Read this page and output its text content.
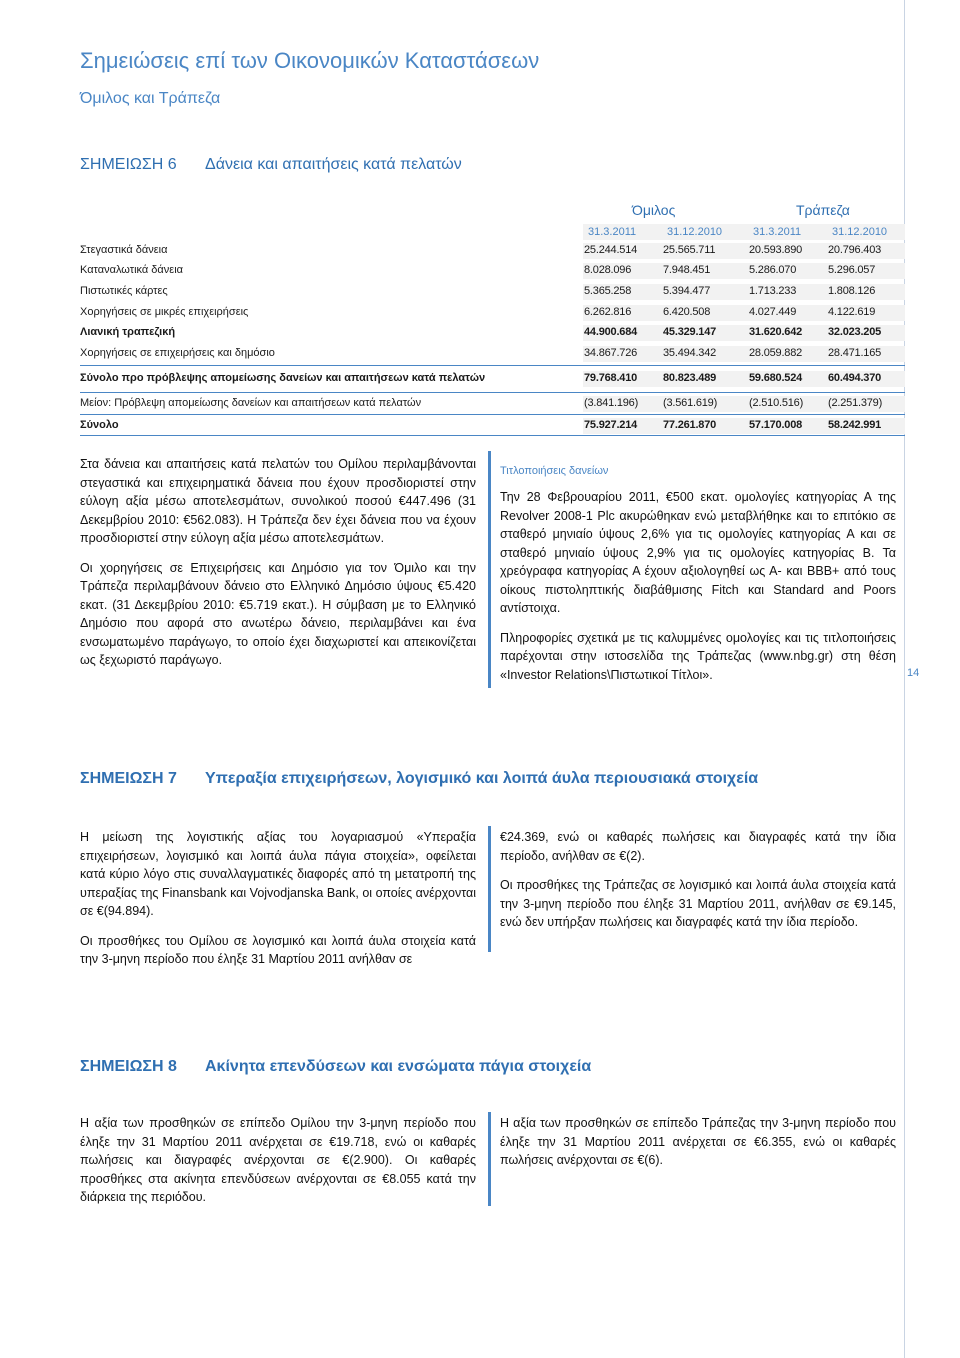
14
Σημειώσεις επί των Οικονομικών Καταστάσεων
Όμιλος και Τράπεζα
ΣΗΜΕΙΩΣΗ 6 Δάνεια και απαιτήσεις κατά πελατών
Όμιλος	Τράπεζα
31.3.2011	31.12.2010	31.3.2011	31.12.2010
Στεγαστικά δάνεια	25.244.514 25.565.711	20.593.890 20.796.403
Καταναλωτικά δάνεια	8.028.096	7.948.451	5.286.070	5.296.057
Πιστωτικές κάρτες	5.365.258	5.394.477	1.713.233	1.808.126
Χορηγήσεις σε μικρές επιχειρήσεις	6.262.816	6.420.508	4.027.449	4.122.619
Λιανική τραπεζική	44.900.684 45.329.147	31.620.642 32.023.205
Χορηγήσεις σε επιχειρήσεις και δημόσιο	34.867.726 35.494.342	28.059.882 28.471.165
Σύνολο προ πρόβλεψης απομείωσης δανείων και απαιτήσεων κατά πελατών	79.768.410 80.823.489	59.680.524 60.494.370
Μείον: Πρόβλεψη απομείωσης δανείων και απαιτήσεων κατά πελατών	(3.841.196) (3.561.619)	(2.510.516) (2.251.379)
Σύνολο	75.927.214 77.261.870	57.170.008 58.242.991

Στα δάνεια και απαιτήσεις κατά πελατών του Ομίλου περιλαμβάνονται στεγαστικά και επιχειρηματικά δάνεια που έχουν προσδιοριστεί στην εύλογη αξία μέσω αποτελεσμάτων, συνολικού ποσού €447.496 (31 Δεκεμβρίου 2010: €562.083). Η Τράπεζα δεν έχει δάνεια που να έχουν προσδιοριστεί στην εύλογη αξία μέσω αποτελεσμάτων.

Οι χορηγήσεις σε Επιχειρήσεις και Δημόσιο για τον Όμιλο και την Τράπεζα περιλαμβάνουν δάνειο στο Ελληνικό Δημόσιο ύψους €5.420 εκατ. (31 Δεκεμβρίου 2010: €5.719 εκατ.). Η σύμβαση με το Ελληνικό Δημόσιο που αφορά στο ανωτέρω δάνειο, περιλαμβάνει και ένα ενσωματωμένο παράγωγο, το οποίο έχει διαχωριστεί και απεικονίζεται ως ξεχωριστό παράγωγο.

Τιτλοποιήσεις δανείων

Την 28 Φεβρουαρίου 2011, €500 εκατ. ομολογίες κατηγορίας Α της Revolver 2008-1 Plc ακυρώθηκαν ενώ μεταβλήθηκε και το επιτόκιο σε σταθερό μηνιαίο ύψους 2,6% για τις ομολογίες κατηγορίας Α και σε σταθερό μηνιαίο ύψους 2,9% για τις ομολογίες κατηγορίας Β. Τα χρεόγραφα κατηγορίας Α έχουν αξιολογηθεί ως Α- και ΒΒΒ+ από τους οίκους πιστοληπτικής διαβάθμισης Fitch και Standard and Poors αντίστοιχα.

Πληροφορίες σχετικά με τις καλυμμένες ομολογίες και τις τιτλοποιήσεις παρέχονται στην ιστοσελίδα της Τράπεζας (www.nbg.gr) στη θέση «Investor Relations\Πιστωτικοί Τίτλοι».

ΣΗΜΕΙΩΣΗ 7 Υπεραξία επιχειρήσεων, λογισμικό και λοιπά άυλα περιουσιακά στοιχεία

Η μείωση της λογιστικής αξίας του λογαριασμού «Υπεραξία επιχειρήσεων, λογισμικό και λοιπά άυλα πάγια στοιχεία», οφείλεται κατά κύριο λόγο στις συναλλαγματικές διαφορές από τη μετατροπή της υπεραξίας της Finansbank και Vojvodjanska Bank, οι οποίες ανέρχονται σε €(94.894).

Οι προσθήκες του Ομίλου σε λογισμικό και λοιπά άυλα στοιχεία κατά την 3-μηνη περίοδο που έληξε 31 Μαρτίου 2011 ανήλθαν σε

€24.369, ενώ οι καθαρές πωλήσεις και διαγραφές κατά την ίδια περίοδο, ανήλθαν σε €(2).

Οι προσθήκες της Τράπεζας σε λογισμικό και λοιπά άυλα στοιχεία κατά την 3-μηνη περίοδο που έληξε 31 Μαρτίου 2011, ανήλθαν σε €9.145, ενώ δεν υπήρξαν πωλήσεις και διαγραφές κατά την ίδια περίοδο.

ΣΗΜΕΙΩΣΗ 8 Ακίνητα επενδύσεων και ενσώματα πάγια στοιχεία

Η αξία των προσθηκών σε επίπεδο Ομίλου την 3-μηνη περίοδο που έληξε την 31 Μαρτίου 2011 ανέρχεται σε €19.718, ενώ οι καθαρές πωλήσεις και διαγραφές ανέρχονται σε €(2.900). Οι καθαρές προσθήκες στα ακίνητα επενδύσεων ανέρχονται σε €8.055 κατά την διάρκεια της περιόδου.

Η αξία των προσθηκών σε επίπεδο Τράπεζας την 3-μηνη περίοδο που έληξε την 31 Μαρτίου 2011 ανέρχεται σε €6.355, ενώ οι καθαρές πωλήσεις ανέρχονται σε €(6).
